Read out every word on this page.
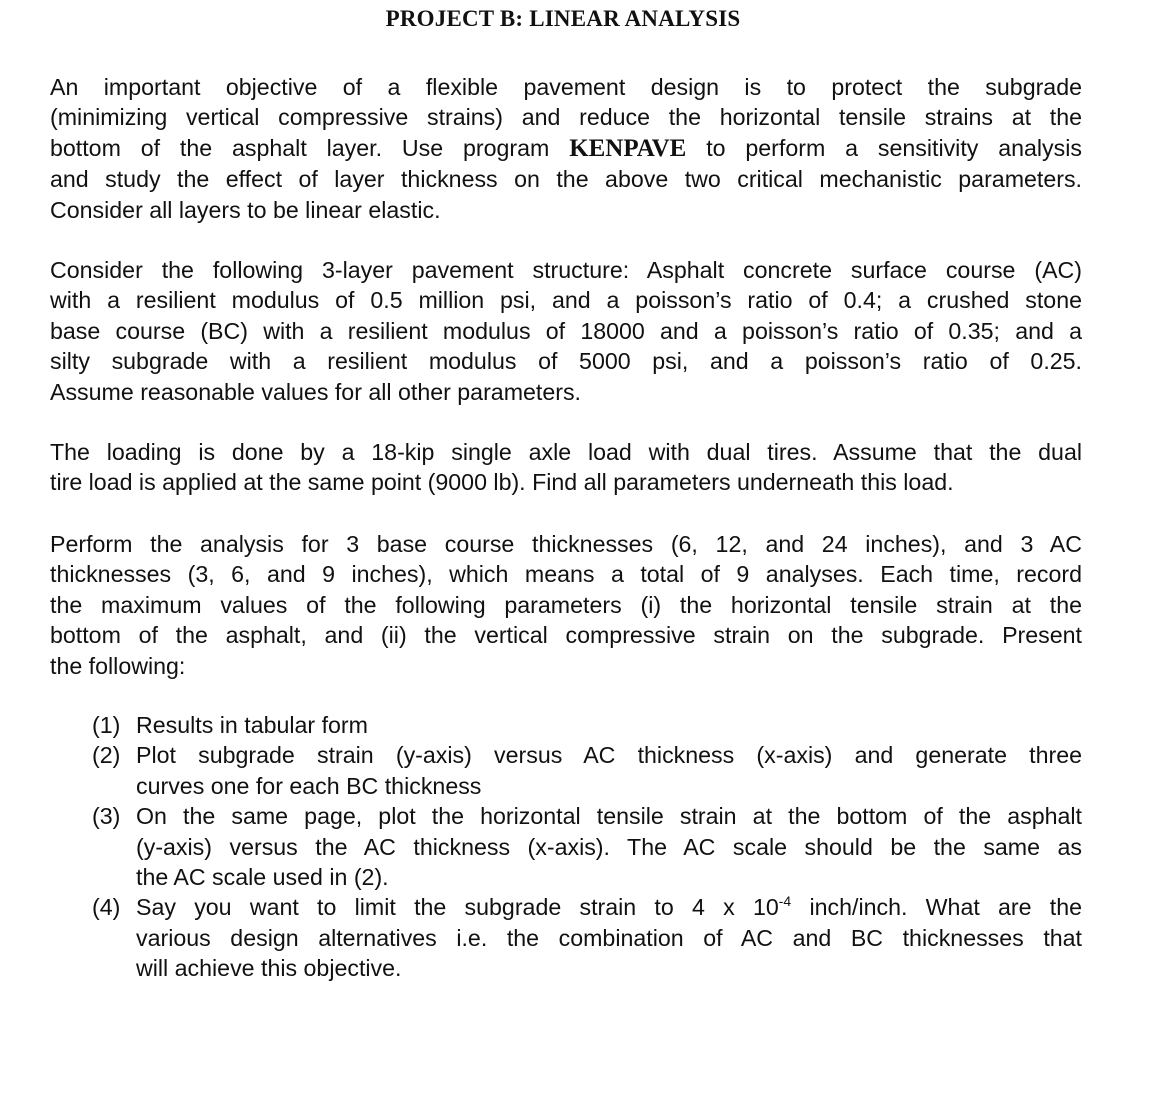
PROJECT B: LINEAR ANALYSIS
An important objective of a flexible pavement design is to protect the subgrade
(minimizing vertical compressive strains) and reduce the horizontal tensile strains at the
bottom of the asphalt layer. Use program KENPAVE to perform a sensitivity analysis
and study the effect of layer thickness on the above two critical mechanistic parameters.
Consider all layers to be linear elastic.
Consider the following 3-layer pavement structure: Asphalt concrete surface course (AC)
with a resilient modulus of 0.5 million psi, and a poisson’s ratio of 0.4; a crushed stone
base course (BC) with a resilient modulus of 18000 and a poisson’s ratio of 0.35; and a
silty subgrade with a resilient modulus of 5000 psi, and a poisson’s ratio of 0.25.
Assume reasonable values for all other parameters.
The loading is done by a 18-kip single axle load with dual tires. Assume that the dual
tire load is applied at the same point (9000 lb). Find all parameters underneath this load.
Perform the analysis for 3 base course thicknesses (6, 12, and 24 inches), and 3 AC
thicknesses (3, 6, and 9 inches), which means a total of 9 analyses. Each time, record
the maximum values of the following parameters (i) the horizontal tensile strain at the
bottom of the asphalt, and (ii) the vertical compressive strain on the subgrade. Present
the following:
(1) Results in tabular form
(2) Plot subgrade strain (y-axis) versus AC thickness (x-axis) and generate three
curves one for each BC thickness
(3) On the same page, plot the horizontal tensile strain at the bottom of the asphalt
(y-axis) versus the AC thickness (x-axis). The AC scale should be the same as
the AC scale used in (2).
(4) Say you want to limit the subgrade strain to 4 x $10^{-4}$ inch/inch. What are the
various design alternatives i.e. the combination of AC and BC thicknesses that
will achieve this objective.
